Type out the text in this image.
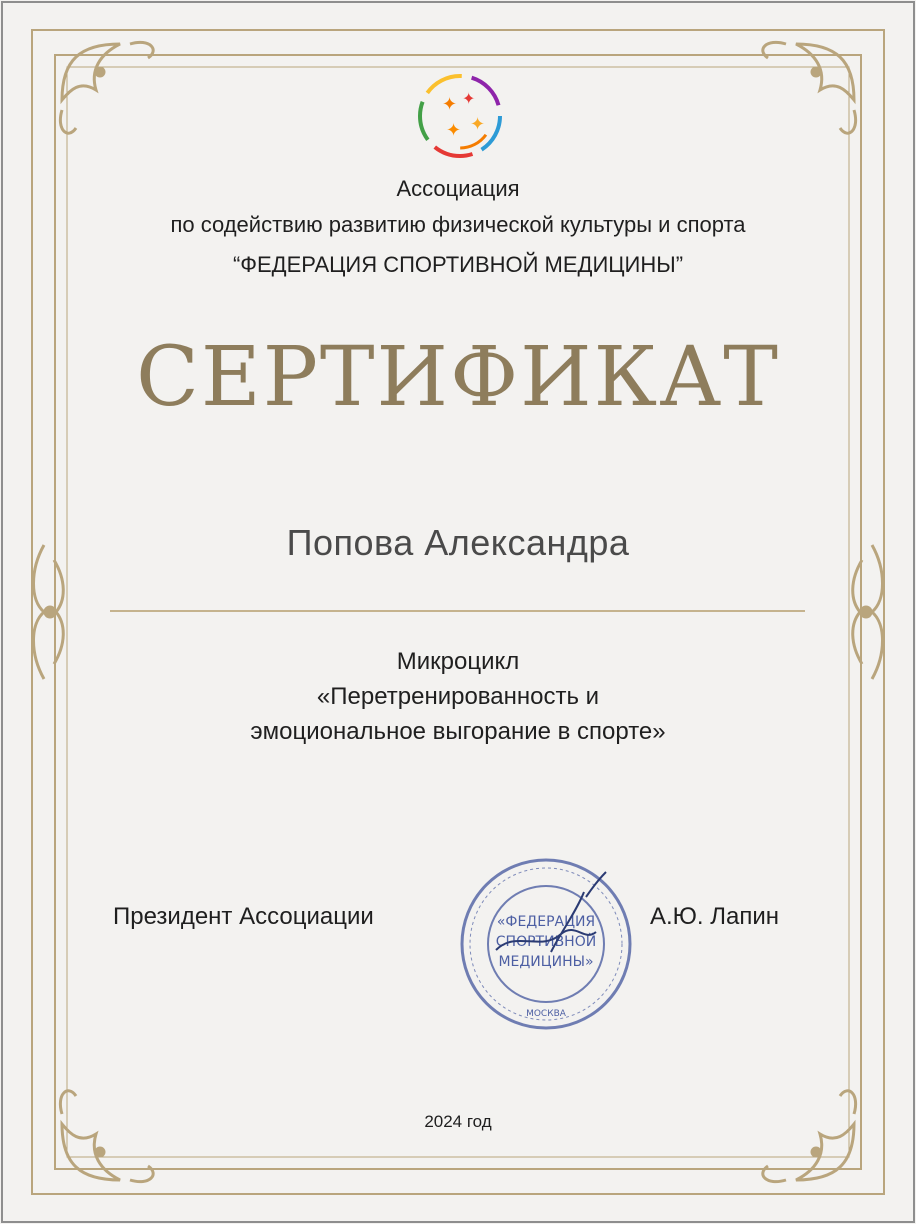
✦ ✦
✦
✦
Ассоциация
по содействию развитию физической культуры и спорта
“ФЕДЕРАЦИЯ СПОРТИВНОЙ МЕДИЦИНЫ”
СЕРТИФИКАТ
Попова Александра
Микроцикл
«Перетренированность и
эмоциональное выгорание в спорте»
Президент Ассоциации	«ФЕДЕРАЦИЯ
СПОРТИВНОЙ
МЕДИЦИНЫ»
МОСКВА
А.Ю. Лапин
2024 год
